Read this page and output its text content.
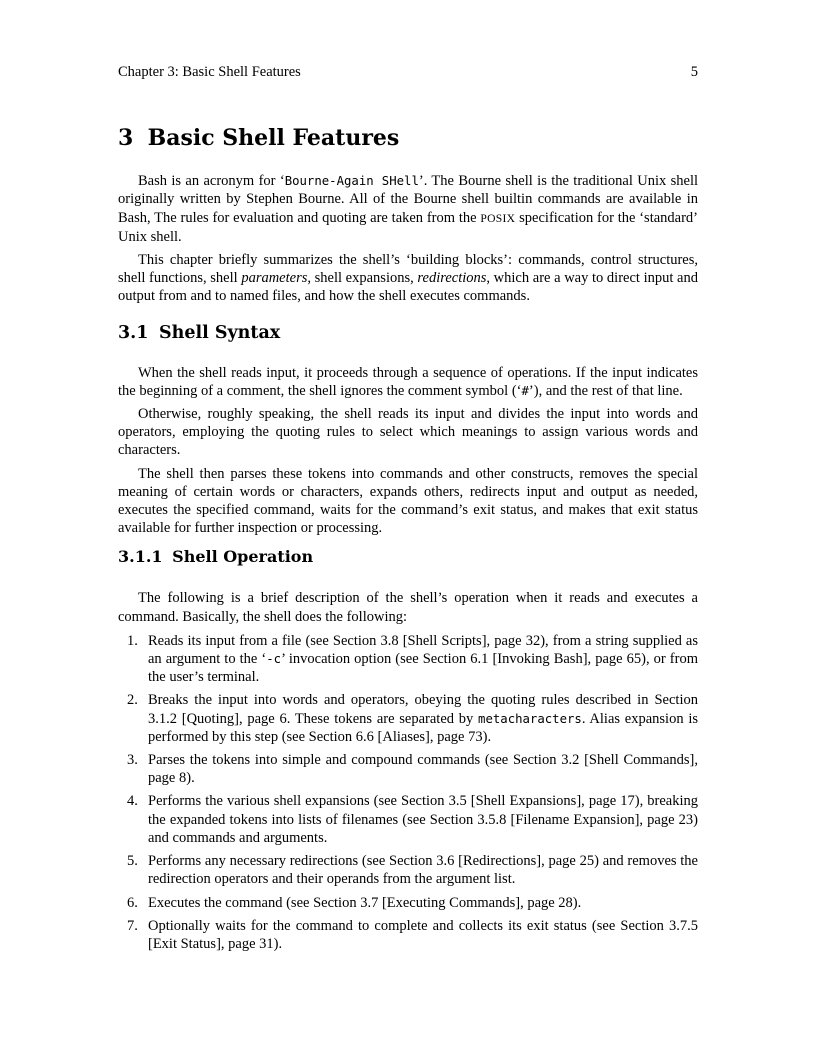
Chapter 3: Basic Shell Features	5
3 Basic Shell Features

Bash is an acronym for ‘Bourne-Again SHell’. The Bourne shell is the traditional Unix shell originally written by Stephen Bourne. All of the Bourne shell builtin commands are available in Bash, The rules for evaluation and quoting are taken from the POSIX specification for the ‘standard’ Unix shell.

This chapter briefly summarizes the shell’s ‘building blocks’: commands, control structures, shell functions, shell parameters, shell expansions, redirections, which are a way to direct input and output from and to named files, and how the shell executes commands.

3.1 Shell Syntax

When the shell reads input, it proceeds through a sequence of operations. If the input indicates the beginning of a comment, the shell ignores the comment symbol (‘#’), and the rest of that line.

Otherwise, roughly speaking, the shell reads its input and divides the input into words and operators, employing the quoting rules to select which meanings to assign various words and characters.

The shell then parses these tokens into commands and other constructs, removes the special meaning of certain words or characters, expands others, redirects input and output as needed, executes the specified command, waits for the command’s exit status, and makes that exit status available for further inspection or processing.

3.1.1 Shell Operation

The following is a brief description of the shell’s operation when it reads and executes a command. Basically, the shell does the following:

1. Reads its input from a file (see Section 3.8 [Shell Scripts], page 32), from a string supplied as an argument to the ‘-c’ invocation option (see Section 6.1 [Invoking Bash], page 65), or from the user’s terminal.
2. Breaks the input into words and operators, obeying the quoting rules described in Section 3.1.2 [Quoting], page 6. These tokens are separated by metacharacters. Alias expansion is performed by this step (see Section 6.6 [Aliases], page 73).
3. Parses the tokens into simple and compound commands (see Section 3.2 [Shell Commands], page 8).
4. Performs the various shell expansions (see Section 3.5 [Shell Expansions], page 17), breaking the expanded tokens into lists of filenames (see Section 3.5.8 [Filename Expansion], page 23) and commands and arguments.
5. Performs any necessary redirections (see Section 3.6 [Redirections], page 25) and removes the redirection operators and their operands from the argument list.
6. Executes the command (see Section 3.7 [Executing Commands], page 28).
7. Optionally waits for the command to complete and collects its exit status (see Section 3.7.5 [Exit Status], page 31).
